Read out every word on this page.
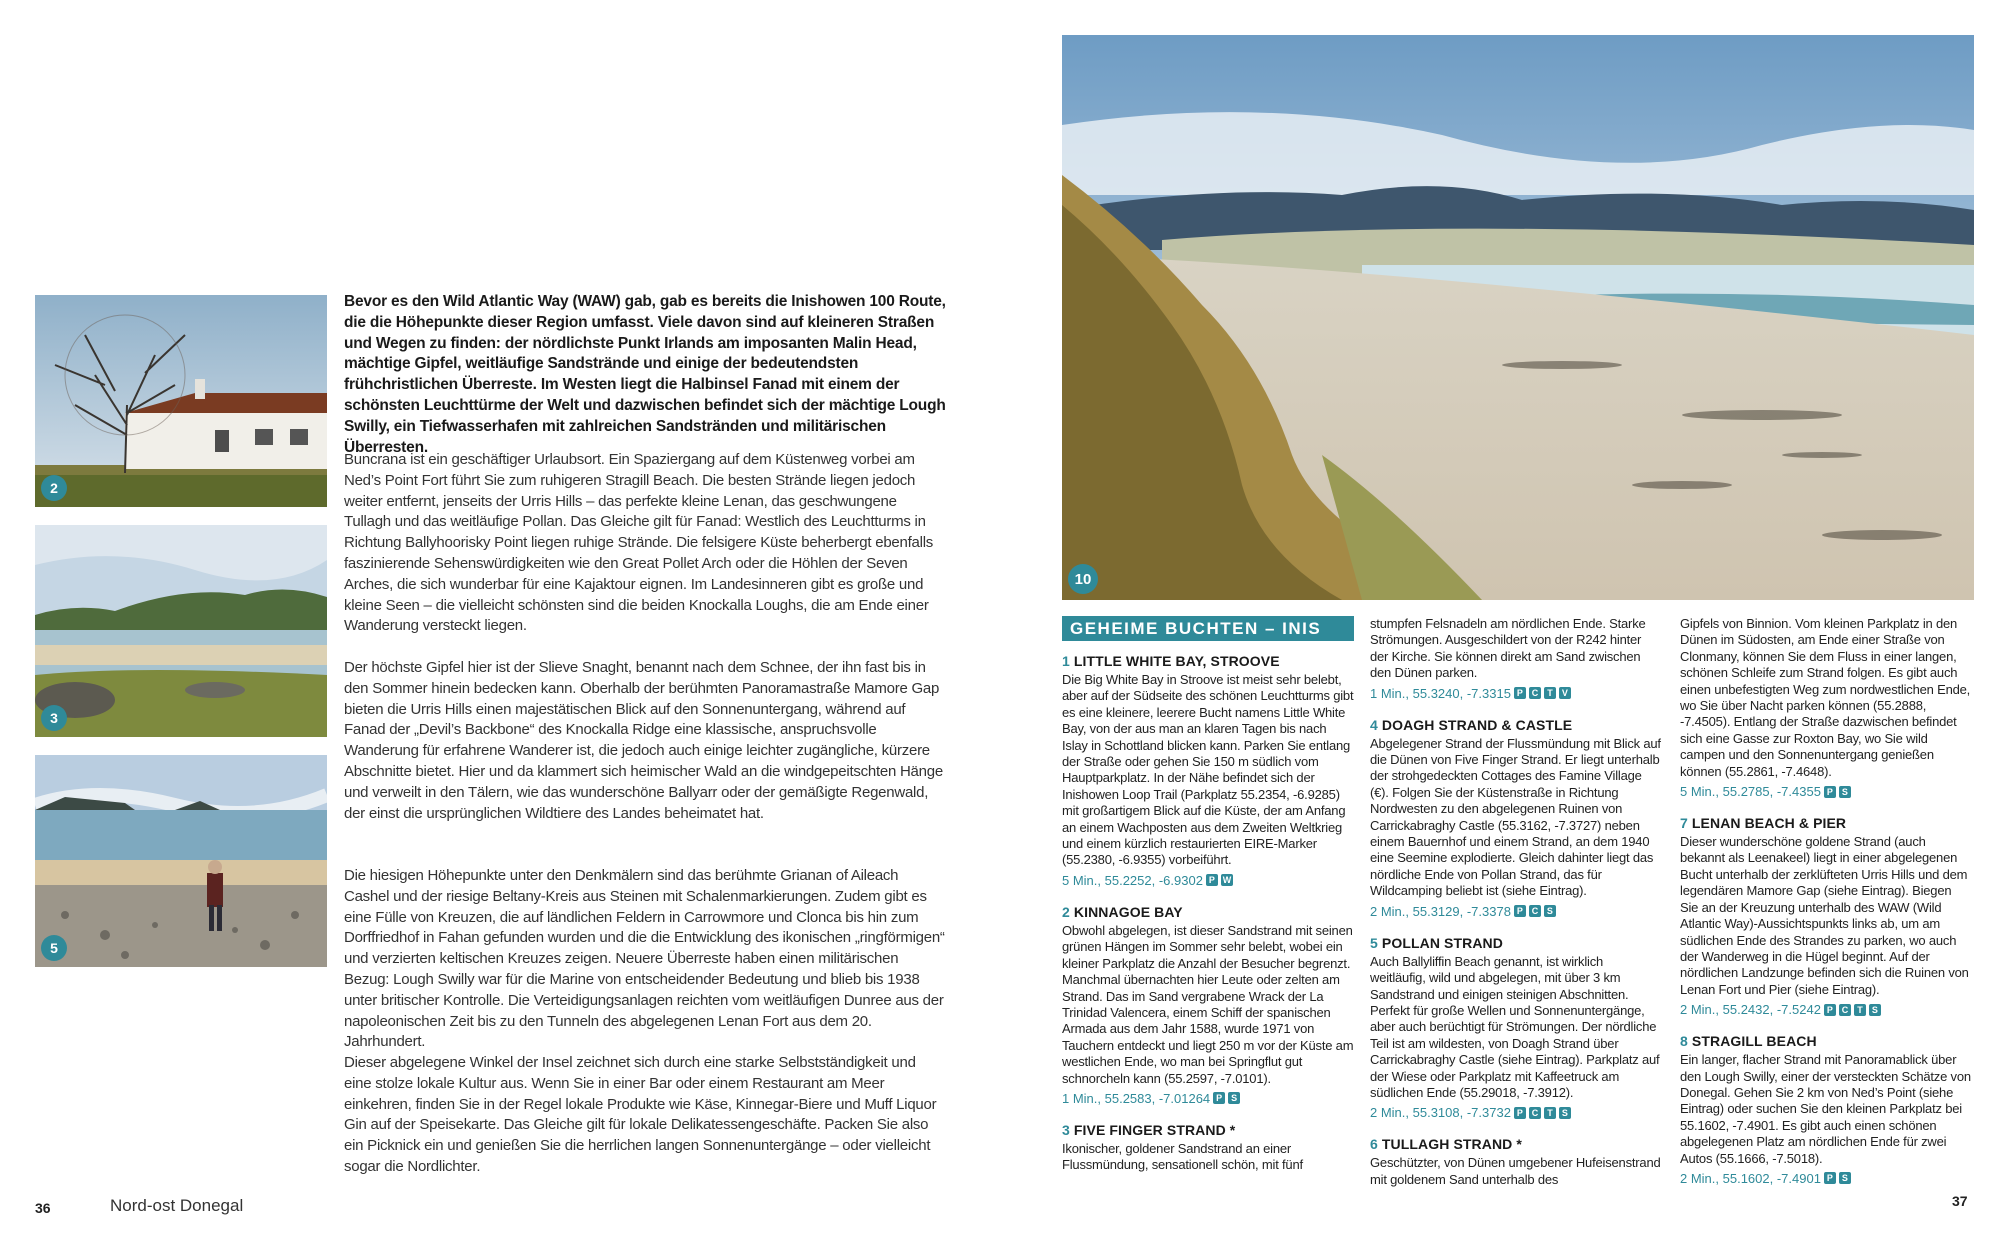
2
3
5

Bevor es den Wild Atlantic Way (WAW) gab, gab es bereits die Inishowen 100 Route, die die Höhepunkte dieser Region umfasst. Viele davon sind auf kleineren Straßen und Wegen zu finden: der nördlichste Punkt Irlands am imposanten Malin Head, mächtige Gipfel, weitläufige Sandstrände und einige der bedeutendsten frühchristlichen Überreste. Im Westen liegt die Halbinsel Fanad mit einem der schönsten Leuchttürme der Welt und dazwischen befindet sich der mächtige Lough Swilly, ein Tiefwasserhafen mit zahlreichen Sandstränden und militärischen Überresten.

Buncrana ist ein geschäftiger Urlaubsort. Ein Spaziergang auf dem Küstenweg vorbei am Ned’s Point Fort führt Sie zum ruhigeren Stragill Beach. Die besten Strände liegen jedoch weiter entfernt, jenseits der Urris Hills – das perfekte kleine Lenan, das geschwungene Tullagh und das weitläufige Pollan. Das Gleiche gilt für Fanad: Westlich des Leuchtturms in Richtung Ballyhoorisky Point liegen ruhige Strände. Die felsigere Küste beherbergt ebenfalls faszinierende Sehenswürdigkeiten wie den Great Pollet Arch oder die Höhlen der Seven Arches, die sich wunderbar für eine Kajaktour eignen. Im Landesinneren gibt es große und kleine Seen – die vielleicht schönsten sind die beiden Knockalla Loughs, die am Ende einer Wanderung versteckt liegen.

Der höchste Gipfel hier ist der Slieve Snaght, benannt nach dem Schnee, der ihn fast bis in den Sommer hinein bedecken kann. Oberhalb der berühmten Panoramastraße Mamore Gap bieten die Urris Hills einen majestätischen Blick auf den Sonnenuntergang, während auf Fanad der „Devil’s Backbone“ des Knockalla Ridge eine klassische, anspruchsvolle Wanderung für erfahrene Wanderer ist, die jedoch auch einige leichter zugängliche, kürzere Abschnitte bietet. Hier und da klammert sich heimischer Wald an die windgepeitschten Hänge und verweilt in den Tälern, wie das wunderschöne Ballyarr oder der gemäßigte Regenwald, der einst die ursprünglichen Wildtiere des Landes beheimatet hat.

Die hiesigen Höhepunkte unter den Denkmälern sind das berühmte Grianan of Aileach Cashel und der riesige Beltany-Kreis aus Steinen mit Schalenmarkierungen. Zudem gibt es eine Fülle von Kreuzen, die auf ländlichen Feldern in Carrowmore und Clonca bis hin zum Dorffriedhof in Fahan gefunden wurden und die die Entwicklung des ikonischen „ringförmigen“ und verzierten keltischen Kreuzes zeigen. Neuere Überreste haben einen militärischen Bezug: Lough Swilly war für die Marine von entscheidender Bedeutung und blieb bis 1938 unter britischer Kontrolle. Die Verteidigungsanlagen reichten vom weitläufigen Dunree aus der napoleonischen Zeit bis zu den Tunneln des abgelegenen Lenan Fort aus dem 20. Jahrhundert.

Dieser abgelegene Winkel der Insel zeichnet sich durch eine starke Selbstständigkeit und eine stolze lokale Kultur aus. Wenn Sie in einer Bar oder einem Restaurant am Meer einkehren, finden Sie in der Regel lokale Produkte wie Käse, Kinnegar-Biere und Muff Liquor Gin auf der Speisekarte. Das Gleiche gilt für lokale Delikatessengeschäfte. Packen Sie also ein Picknick ein und genießen Sie die herrlichen langen Sonnenuntergänge – oder vielleicht sogar die Nordlichter.

36	Nord-ost Donegal
10
GEHEIME BUCHTEN – INIS
1 LITTLE WHITE BAY, STROOVE

Die Big White Bay in Stroove ist meist sehr belebt, aber auf der Südseite des schönen Leuchtturms gibt es eine kleinere, leerere Bucht namens Little White Bay, von der aus man an klaren Tagen bis nach Islay in Schottland blicken kann. Parken Sie entlang der Straße oder gehen Sie 150 m südlich vom Hauptparkplatz. In der Nähe befindet sich der Inishowen Loop Trail (Parkplatz 55.2354, -6.9285) mit großartigem Blick auf die Küste, der am Anfang an einem Wachposten aus dem Zweiten Weltkrieg und einem kürzlich restaurierten EIRE-Marker (55.2380, -6.9355) vorbeiführt.

5 Min., 55.2252, -6.9302 P W
2 KINNAGOE BAY

Obwohl abgelegen, ist dieser Sandstrand mit seinen grünen Hängen im Sommer sehr belebt, wobei ein kleiner Parkplatz die Anzahl der Besucher begrenzt. Manchmal übernachten hier Leute oder zelten am Strand. Das im Sand vergrabene Wrack der La Trinidad Valencera, einem Schiff der spanischen Armada aus dem Jahr 1588, wurde 1971 von Tauchern entdeckt und liegt 250 m vor der Küste am westlichen Ende, wo man bei Springflut gut schnorcheln kann (55.2597, -7.0101).

1 Min., 55.2583, -7.01264 P S
3 FIVE FINGER STRAND *

Ikonischer, goldener Sandstrand an einer Flussmündung, sensationell schön, mit fünf

stumpfen Felsnadeln am nördlichen Ende. Starke Strömungen. Ausgeschildert von der R242 hinter der Kirche. Sie können direkt am Sand zwischen den Dünen parken.

1 Min., 55.3240, -7.3315 P C	T	V
4 DOAGH STRAND & CASTLE

Abgelegener Strand der Flussmündung mit Blick auf die Dünen von Five Finger Strand. Er liegt unterhalb der strohgedeckten Cottages des Famine Village (€). Folgen Sie der Küstenstraße in Richtung Nordwesten zu den abgelegenen Ruinen von Carrickabraghy Castle (55.3162, -7.3727) neben einem Bauernhof und einem Strand, an dem 1940 eine Seemine explodierte. Gleich dahinter liegt das nördliche Ende von Pollan Strand, das für Wildcamping beliebt ist (siehe Eintrag).

2 Min., 55.3129, -7.3378 P C S
5 POLLAN STRAND

Auch Ballyliffin Beach genannt, ist wirklich weitläufig, wild und abgelegen, mit über 3 km Sandstrand und einigen steinigen Abschnitten. Perfekt für große Wellen und Sonnenuntergänge, aber auch berüchtigt für Strömungen. Der nördliche Teil ist am wildesten, von Doagh Strand über Carrickabraghy Castle (siehe Eintrag). Parkplatz auf der Wiese oder Parkplatz mit Kaffeetruck am südlichen Ende (55.29018, -7.3912).

2 Min., 55.3108, -7.3732 P C	T	S
6 TULLAGH STRAND *

Geschützter, von Dünen umgebener Hufeisenstrand mit goldenem Sand unterhalb des

Gipfels von Binnion. Vom kleinen Parkplatz in den Dünen im Südosten, am Ende einer Straße von Clonmany, können Sie dem Fluss in einer langen, schönen Schleife zum Strand folgen. Es gibt auch einen unbefestigten Weg zum nordwestlichen Ende, wo Sie über Nacht parken können (55.2888, -7.4505). Entlang der Straße dazwischen befindet sich eine Gasse zur Roxton Bay, wo Sie wild campen und den Sonnenuntergang genießen können (55.2861, -7.4648).

5 Min., 55.2785, -7.4355 P S
7 LENAN BEACH & PIER

Dieser wunderschöne goldene Strand (auch bekannt als Leenakeel) liegt in einer abgelegenen Bucht unterhalb der zerklüfteten Urris Hills und dem legendären Mamore Gap (siehe Eintrag). Biegen Sie an der Kreuzung unterhalb des WAW (Wild Atlantic Way)-Aussichtspunkts links ab, um am südlichen Ende des Strandes zu parken, wo auch der Wanderweg in die Hügel beginnt. Auf der nördlichen Landzunge befinden sich die Ruinen von Lenan Fort und Pier (siehe Eintrag).

2 Min., 55.2432, -7.5242 P C	T	S
8 STRAGILL BEACH

Ein langer, flacher Strand mit Panoramablick über den Lough Swilly, einer der versteckten Schätze von Donegal. Gehen Sie 2 km von Ned’s Point (siehe Eintrag) oder suchen Sie den kleinen Parkplatz bei 55.1602, -7.4901. Es gibt auch einen schönen abgelegenen Platz am nördlichen Ende für zwei Autos (55.1666, -7.5018).

2 Min., 55.1602, -7.4901 P S
37
